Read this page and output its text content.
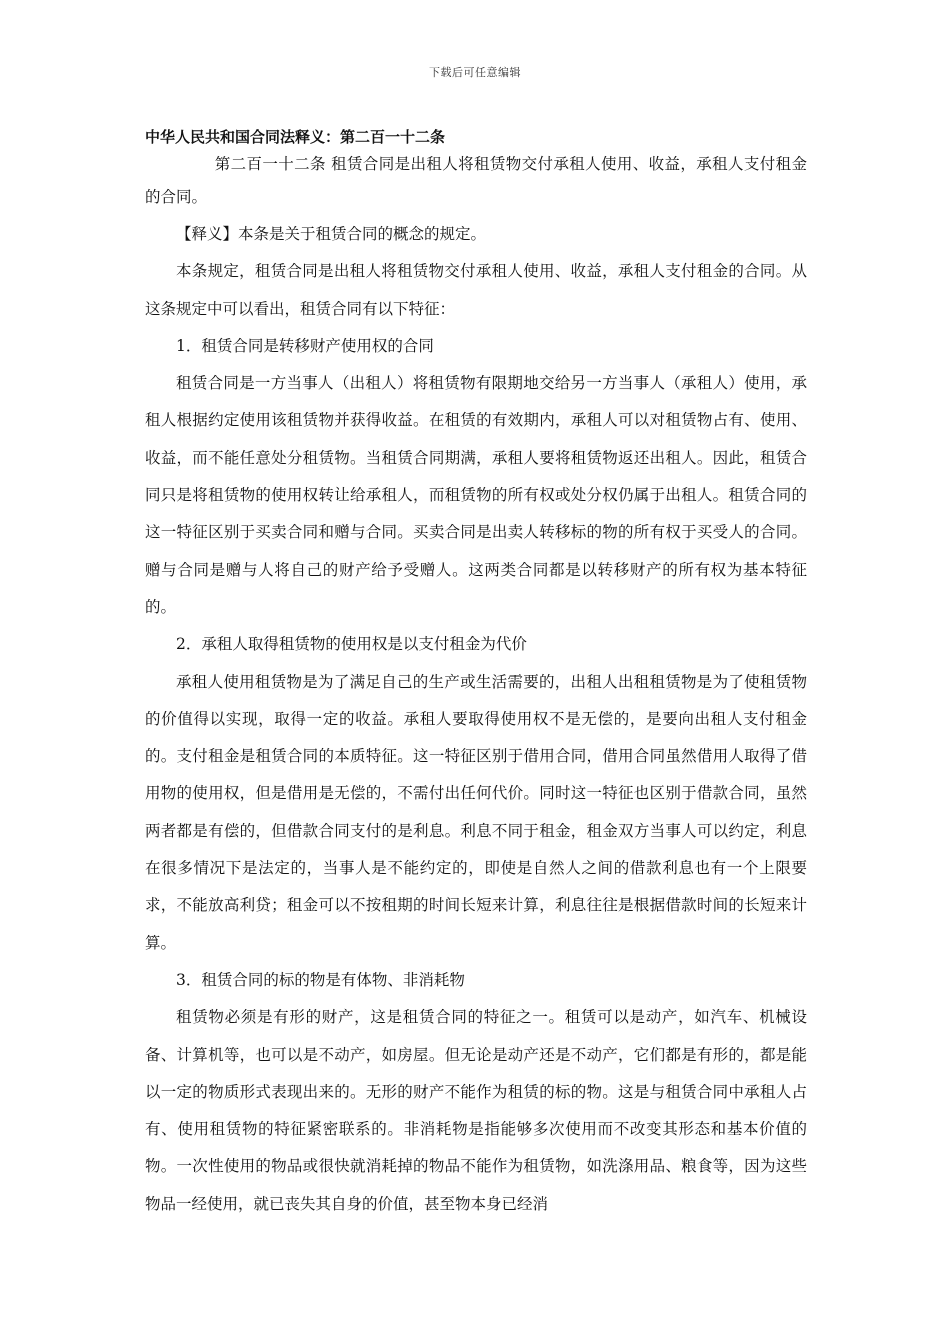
下载后可任意编辑

中华人民共和国合同法释义：第二百一十二条

第二百一十二条 租赁合同是出租人将租赁物交付承租人使用、收益，承租人支付租金的合同。

【释义】本条是关于租赁合同的概念的规定。

本条规定，租赁合同是出租人将租赁物交付承租人使用、收益，承租人支付租金的合同。从这条规定中可以看出，租赁合同有以下特征：

1．租赁合同是转移财产使用权的合同

租赁合同是一方当事人（出租人）将租赁物有限期地交给另一方当事人（承租人）使用，承租人根据约定使用该租赁物并获得收益。在租赁的有效期内，承租人可以对租赁物占有、使用、收益，而不能任意处分租赁物。当租赁合同期满，承租人要将租赁物返还出租人。因此，租赁合同只是将租赁物的使用权转让给承租人，而租赁物的所有权或处分权仍属于出租人。租赁合同的这一特征区别于买卖合同和赠与合同。买卖合同是出卖人转移标的物的所有权于买受人的合同。赠与合同是赠与人将自己的财产给予受赠人。这两类合同都是以转移财产的所有权为基本特征的。

2．承租人取得租赁物的使用权是以支付租金为代价

承租人使用租赁物是为了满足自己的生产或生活需要的，出租人出租租赁物是为了使租赁物的价值得以实现，取得一定的收益。承租人要取得使用权不是无偿的，是要向出租人支付租金的。支付租金是租赁合同的本质特征。这一特征区别于借用合同，借用合同虽然借用人取得了借用物的使用权，但是借用是无偿的，不需付出任何代价。同时这一特征也区别于借款合同，虽然两者都是有偿的，但借款合同支付的是利息。利息不同于租金，租金双方当事人可以约定，利息在很多情况下是法定的，当事人是不能约定的，即使是自然人之间的借款利息也有一个上限要求，不能放高利贷；租金可以不按租期的时间长短来计算，利息往往是根据借款时间的长短来计算。

3．租赁合同的标的物是有体物、非消耗物

租赁物必须是有形的财产，这是租赁合同的特征之一。租赁可以是动产，如汽车、机械设备、计算机等，也可以是不动产，如房屋。但无论是动产还是不动产，它们都是有形的，都是能以一定的物质形式表现出来的。无形的财产不能作为租赁的标的物。这是与租赁合同中承租人占有、使用租赁物的特征紧密联系的。非消耗物是指能够多次使用而不改变其形态和基本价值的物。一次性使用的物品或很快就消耗掉的物品不能作为租赁物，如洗涤用品、粮食等，因为这些物品一经使用，就已丧失其自身的价值，甚至物本身已经消
